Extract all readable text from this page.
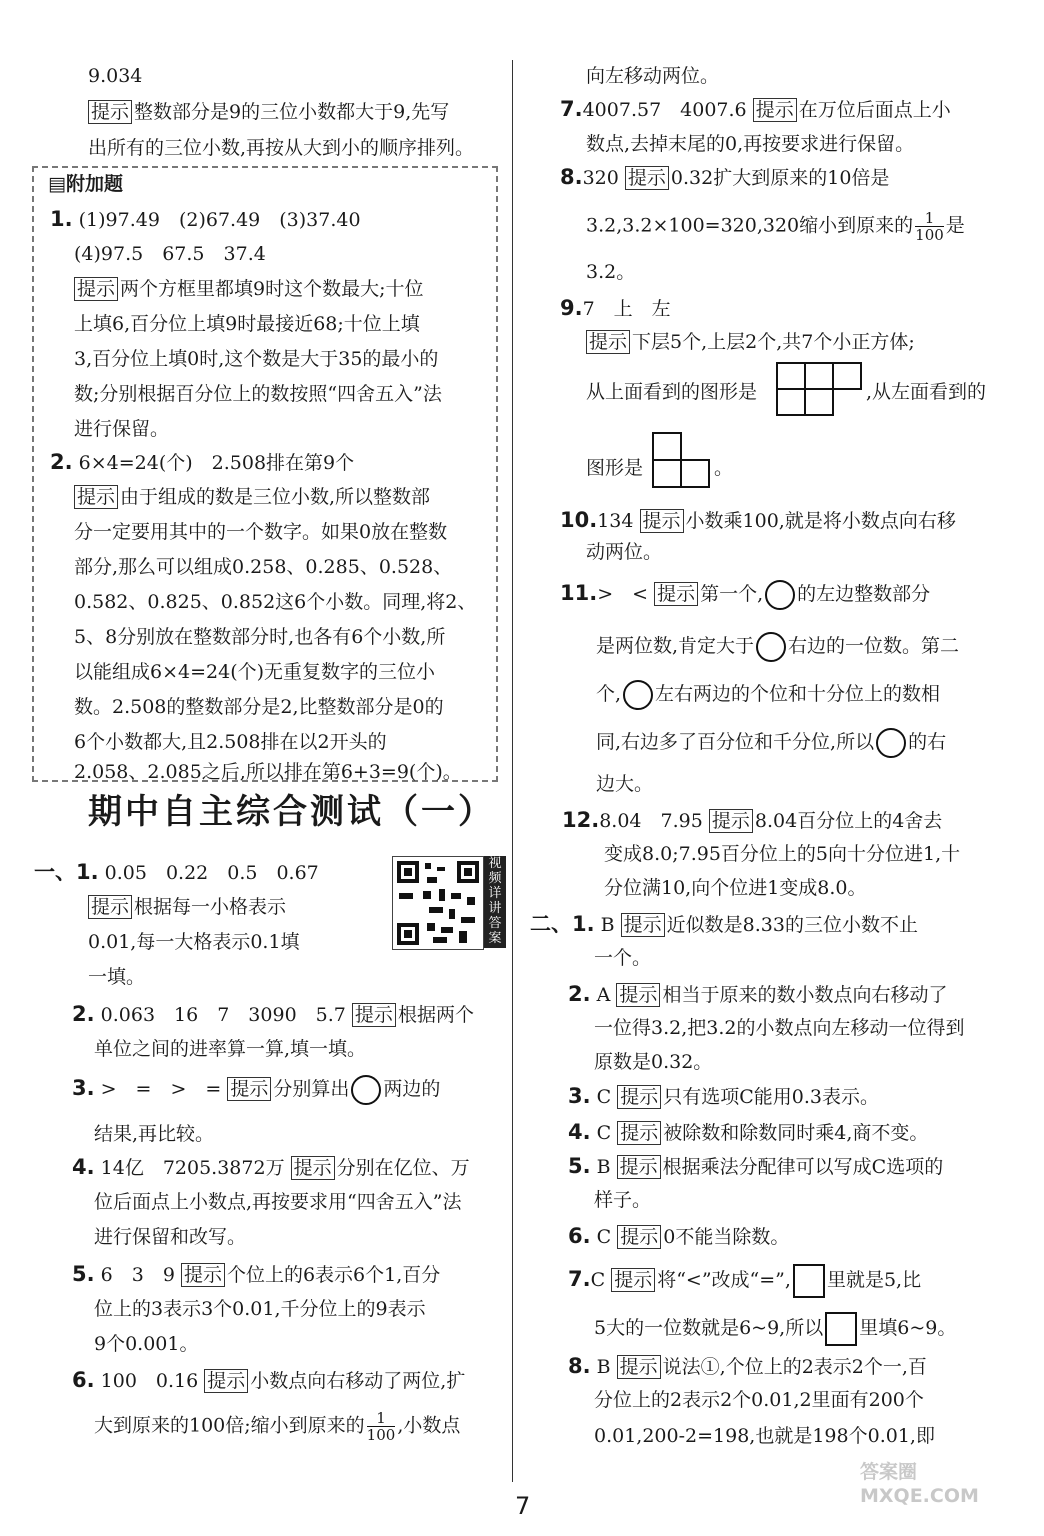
9.034
提示 整数部分是9的三位小数都大于9,先写
出所有的三位小数,再按从大到小的顺序排列。
▤附加题
1. (1)97.49　(2)67.49　(3)37.40
(4)97.5　67.5　37.4
提示 两个方框里都填9时这个数最大;十位
上填6,百分位上填9时最接近68;十位上填
3,百分位上填0时,这个数是大于35的最小的
数;分别根据百分位上的数按照“四舍五入”法
进行保留。
2. 6×4=24(个)　2.508排在第9个
提示 由于组成的数是三位小数,所以整数部
分一定要用其中的一个数字。如果0放在整数
部分,那么可以组成0.258、0.285、0.528、
0.582、0.825、0.852这6个小数。同理,将2、
5、8分别放在整数部分时,也各有6个小数,所
以能组成6×4=24(个)无重复数字的三位小
数。2.508的整数部分是2,比整数部分是0的
6个小数都大,且2.508排在以2开头的
2.058、2.085之后,所以排在第6+3=9(个)。
期中自主综合测试（一）
一、1. 0.05　0.22　0.5　0.67
提示 根据每一小格表示
0.01,每一大格表示0.1填
一填。
视频详讲答案
2. 0.063　16　7　3090　5.7 提示 根据两个
单位之间的进率算一算,填一填。
3. >　=　>　= 提示 分别算出 两边的
结果,再比较。
4. 14亿　7205.3872万 提示 分别在亿位、万
位后面点上小数点,再按要求用“四舍五入”法
进行保留和改写。
5. 6　3　9 提示 个位上的6表示6个1,百分
位上的3表示3个0.01,千分位上的9表示
9个0.001。
6. 100　0.16 提示 小数点向右移动了两位,扩
大到原来的100倍;缩小到原来的 $\frac{1}{100}$ ,小数点
向左移动两位。
7.4007.57　4007.6 提示 在万位后面点上小
数点,去掉末尾的0,再按要求进行保留。
8.320 提示 0.32扩大到原来的10倍是
3.2,3.2×100=320,320缩小到原来的 $\frac{1}{100}$ 是
3.2。
9.7　上　左
提示 下层5个,上层2个,共7个小正方体;
从上面看到的图形是	,从左面看到的
图形是	。
10.134 提示 小数乘100,就是将小数点向右移
动两位。
11.>　< 提示 第一个, 的左边整数部分
是两位数,肯定大于 右边的一位数。第二
个, 左右两边的个位和十分位上的数相
同,右边多了百分位和千分位,所以 的右
边大。
12.8.04　7.95 提示 8.04百分位上的4舍去
变成8.0;7.95百分位上的5向十分位进1,十
分位满10,向个位进1变成8.0。
二、1. B 提示 近似数是8.33的三位小数不止
一个。
2. A 提示 相当于原来的数小数点向右移动了
一位得3.2,把3.2的小数点向左移动一位得到
原数是0.32。
3. C 提示 只有选项C能用0.3表示。
4. C 提示 被除数和除数同时乘4,商不变。
5. B 提示 根据乘法分配律可以写成C选项的
样子。
6. C 提示 0不能当除数。
7.C 提示 将“<”改成“=”, 里就是5,比
5大的一位数就是6~9,所以 里填6~9。
8. B 提示 说法①,个位上的2表示2个一,百
分位上的2表示2个0.01,2里面有200个
0.01,200-2=198,也就是198个0.01,即
7
答案圈 MXQE.COM
